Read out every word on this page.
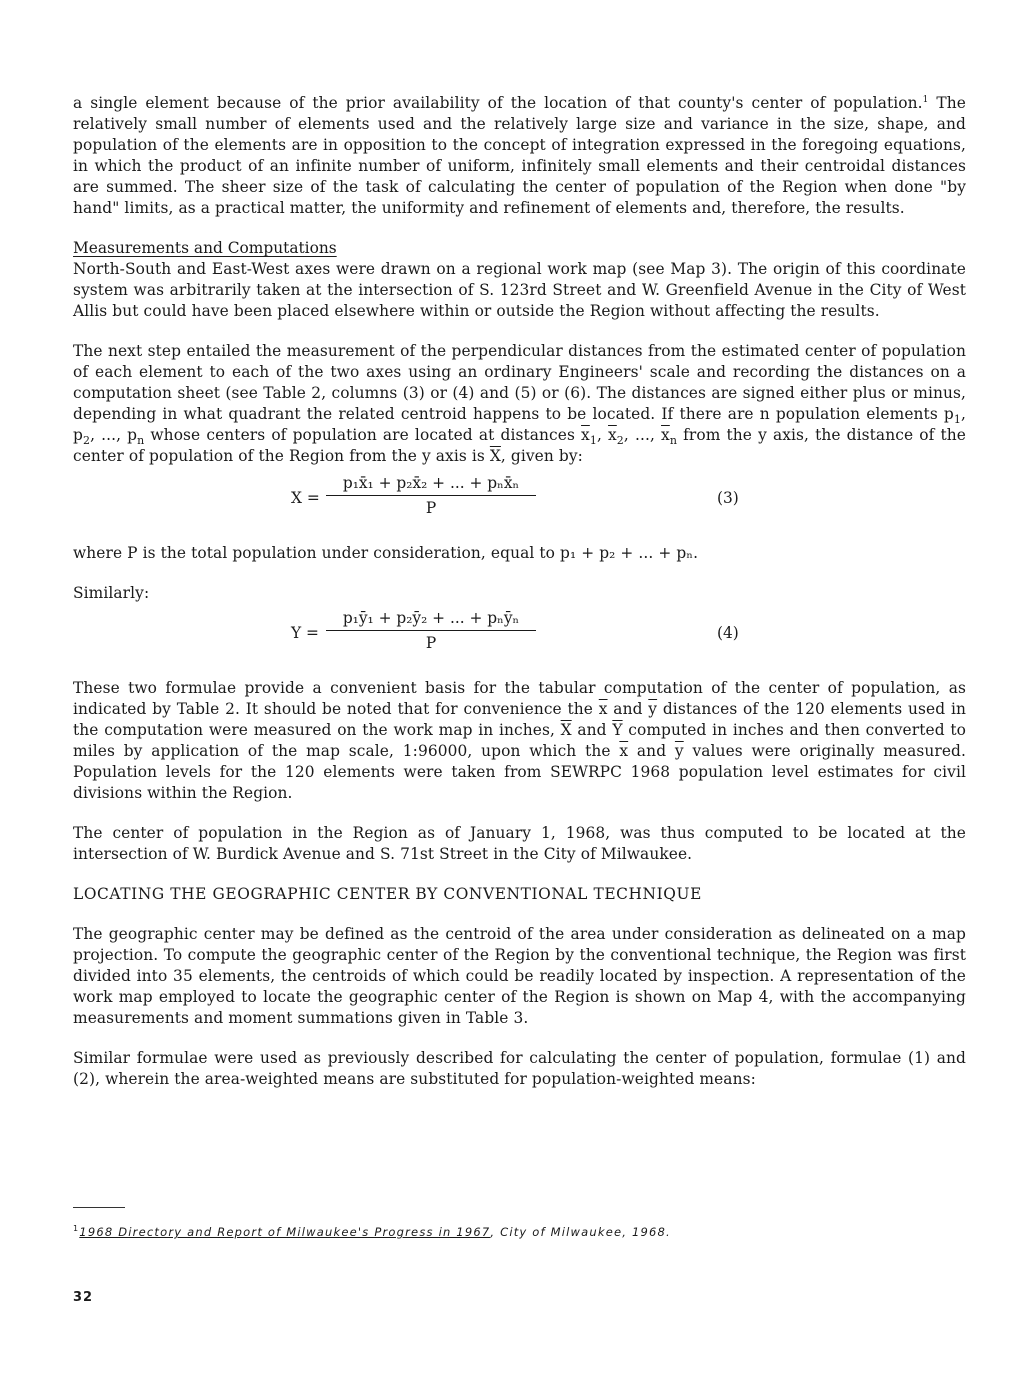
a single element because of the prior availability of the location of that county's center of population.$^1$ The relatively small number of elements used and the relatively large size and variance in the size, shape, and population of the elements are in opposition to the concept of integration expressed in the foregoing equations, in which the product of an infinite number of uniform, infinitely small elements and their centroidal distances are summed. The sheer size of the task of calculating the center of population of the Region when done "by hand" limits, as a practical matter, the uniformity and refinement of elements and, therefore, the results.

Measurements and Computations

North-South and East-West axes were drawn on a regional work map (see Map 3). The origin of this coordinate system was arbitrarily taken at the intersection of S. 123rd Street and W. Greenfield Avenue in the City of West Allis but could have been placed elsewhere within or outside the Region without affecting the results.

The next step entailed the measurement of the perpendicular distances from the estimated center of population of each element to each of the two axes using an ordinary Engineers' scale and recording the distances on a computation sheet (see Table 2, columns (3) or (4) and (5) or (6). The distances are signed either plus or minus, depending in what quadrant the related centroid happens to be located. If there are n population elements $p_1$, $p_2$, ..., $p_n$ whose centers of population are located at distances $\overline{x}_1$, $\overline{x}_2$, ..., $\overline{x}_n$ from the y axis, the distance of the center of population of the Region from the y axis is $\overline{X}$, given by:

X =
p₁x̄₁ + p₂x̄₂ + ... + pₙx̄ₙ
P
(3)

where P is the total population under consideration, equal to p₁ + p₂ + ... + pₙ.

Similarly:

Y =
p₁ȳ₁ + p₂ȳ₂ + ... + pₙȳₙ
P
(4)

These two formulae provide a convenient basis for the tabular computation of the center of population, as indicated by Table 2. It should be noted that for convenience the $\overline{x}$ and $\overline{y}$ distances of the 120 elements used in the computation were measured on the work map in inches, $\overline{X}$ and $\overline{Y}$ computed in inches and then converted to miles by application of the map scale, 1:96000, upon which the $\overline{x}$ and $\overline{y}$ values were originally measured. Population levels for the 120 elements were taken from SEWRPC 1968 population level estimates for civil divisions within the Region.

The center of population in the Region as of January 1, 1968, was thus computed to be located at the intersection of W. Burdick Avenue and S. 71st Street in the City of Milwaukee.

LOCATING THE GEOGRAPHIC CENTER BY CONVENTIONAL TECHNIQUE

The geographic center may be defined as the centroid of the area under consideration as delineated on a map projection. To compute the geographic center of the Region by the conventional technique, the Region was first divided into 35 elements, the centroids of which could be readily located by inspection. A representation of the work map employed to locate the geographic center of the Region is shown on Map 4, with the accompanying measurements and moment summations given in Table 3.

Similar formulae were used as previously described for calculating the center of population, formulae (1) and (2), wherein the area-weighted means are substituted for population-weighted means:

$^1$1968 Directory and Report of Milwaukee's Progress in 1967, City of Milwaukee, 1968.
32
